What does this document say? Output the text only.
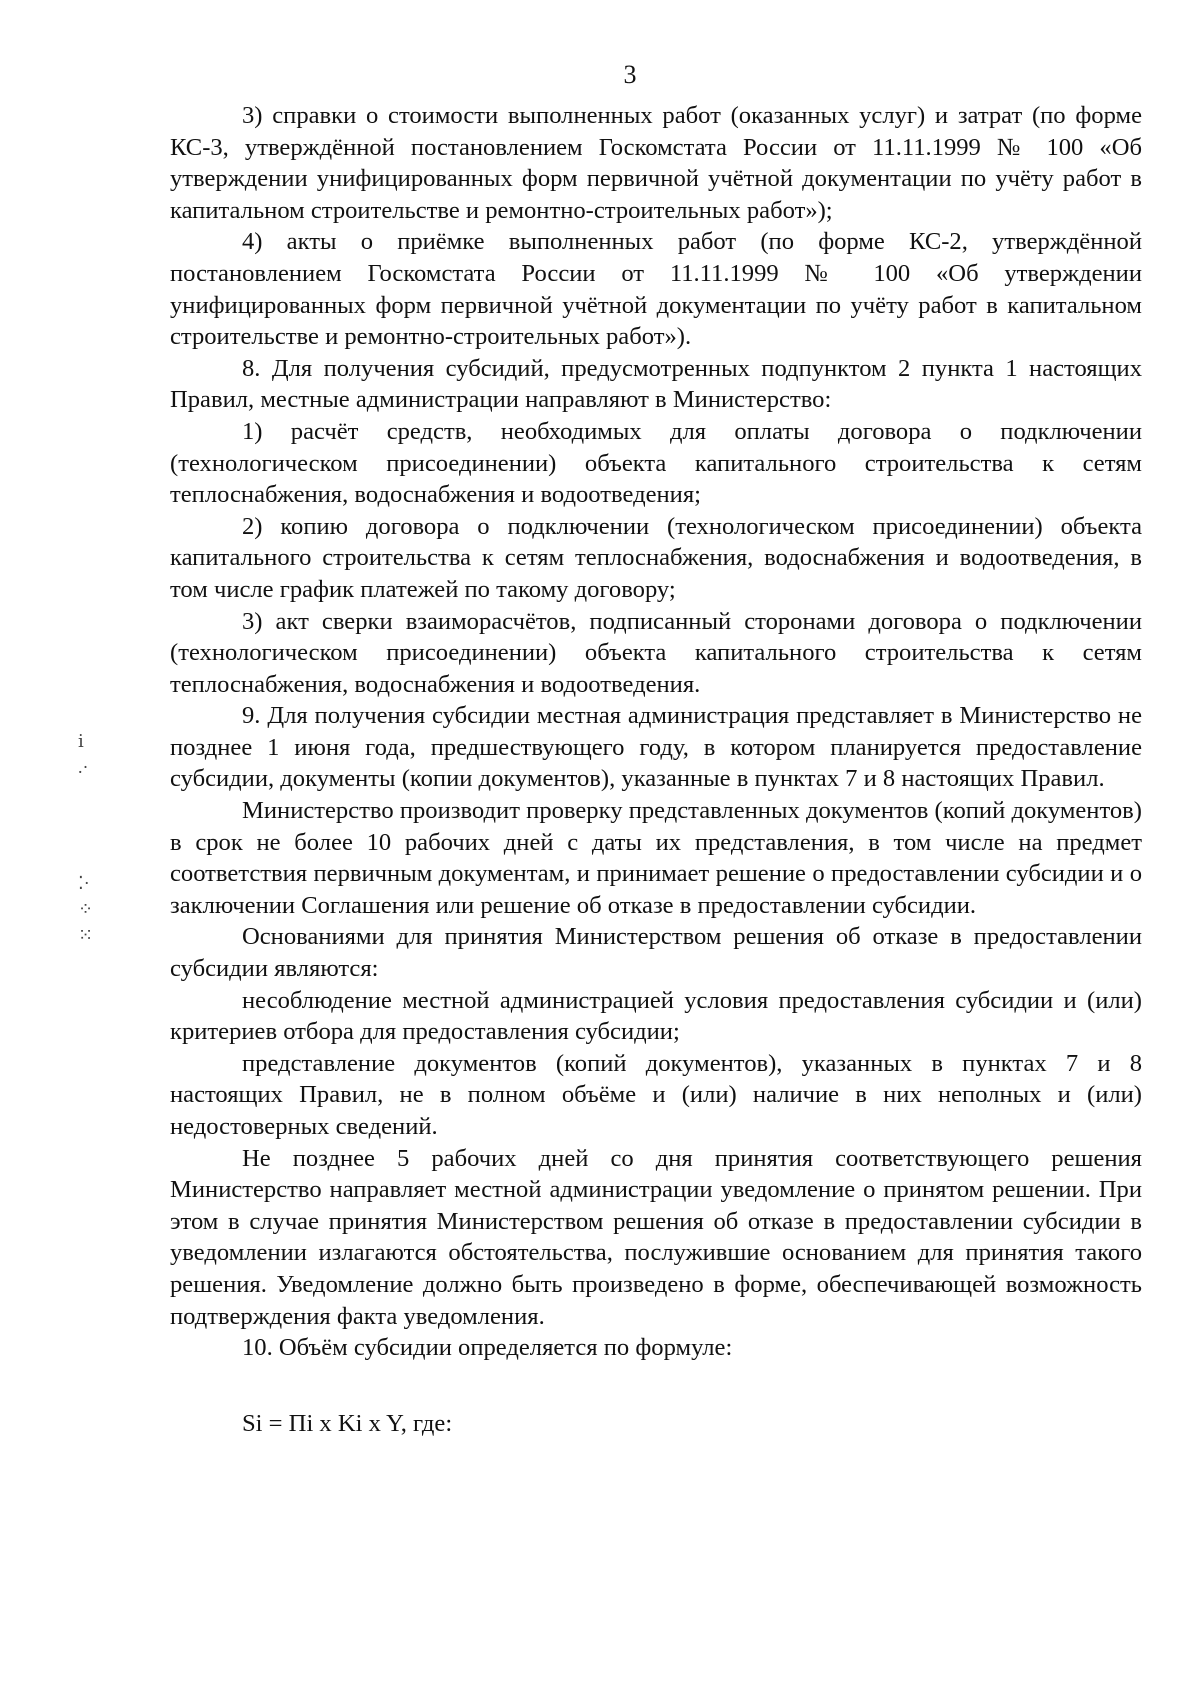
3

3) справки о стоимости выполненных работ (оказанных услуг) и затрат (по форме КС-3, утверждённой постановлением Госкомстата России от 11.11.1999 № 100 «Об утверждении унифицированных форм первичной учётной документации по учёту работ в капитальном строительстве и ремонтно-строительных работ»);

4) акты о приёмке выполненных работ (по форме КС-2, утверждённой постановлением Госкомстата России от 11.11.1999 № 100 «Об утверждении унифицированных форм первичной учётной документации по учёту работ в капитальном строительстве и ремонтно-строительных работ»).

8. Для получения субсидий, предусмотренных подпунктом 2 пункта 1 настоящих Правил, местные администрации направляют в Министерство:

1) расчёт средств, необходимых для оплаты договора о подключении (технологическом присоединении) объекта капитального строительства к сетям теплоснабжения, водоснабжения и водоотведения;

2) копию договора о подключении (технологическом присоединении) объекта капитального строительства к сетям теплоснабжения, водоснабжения и водоотведения, в том числе график платежей по такому договору;

3) акт сверки взаиморасчётов, подписанный сторонами договора о подключении (технологическом присоединении) объекта капитального строительства к сетям теплоснабжения, водоснабжения и водоотведения.

9. Для получения субсидии местная администрация представляет в Министерство не позднее 1 июня года, предшествующего году, в котором планируется предоставление субсидии, документы (копии документов), указанные в пунктах 7 и 8 настоящих Правил.

Министерство производит проверку представленных документов (копий документов) в срок не более 10 рабочих дней с даты их представления, в том числе на предмет соответствия первичным документам, и принимает решение о предоставлении субсидии и о заключении Соглашения или решение об отказе в предоставлении субсидии.

Основаниями для принятия Министерством решения об отказе в предоставлении субсидии являются:

несоблюдение местной администрацией условия предоставления субсидии и (или) критериев отбора для предоставления субсидии;

представление документов (копий документов), указанных в пунктах 7 и 8 настоящих Правил, не в полном объёме и (или) наличие в них неполных и (или) недостоверных сведений.

Не позднее 5 рабочих дней со дня принятия соответствующего решения Министерство направляет местной администрации уведомление о принятом решении. При этом в случае принятия Министерством решения об отказе в предоставлении субсидии в уведомлении излагаются обстоятельства, послужившие основанием для принятия такого решения. Уведомление должно быть произведено в форме, обеспечивающей возможность подтверждения факта уведомления.

10. Объём субсидии определяется по формуле:

Si = Пi x Ki x Y, где:

ⅰ
.·
⁚·
⁘
⁙
